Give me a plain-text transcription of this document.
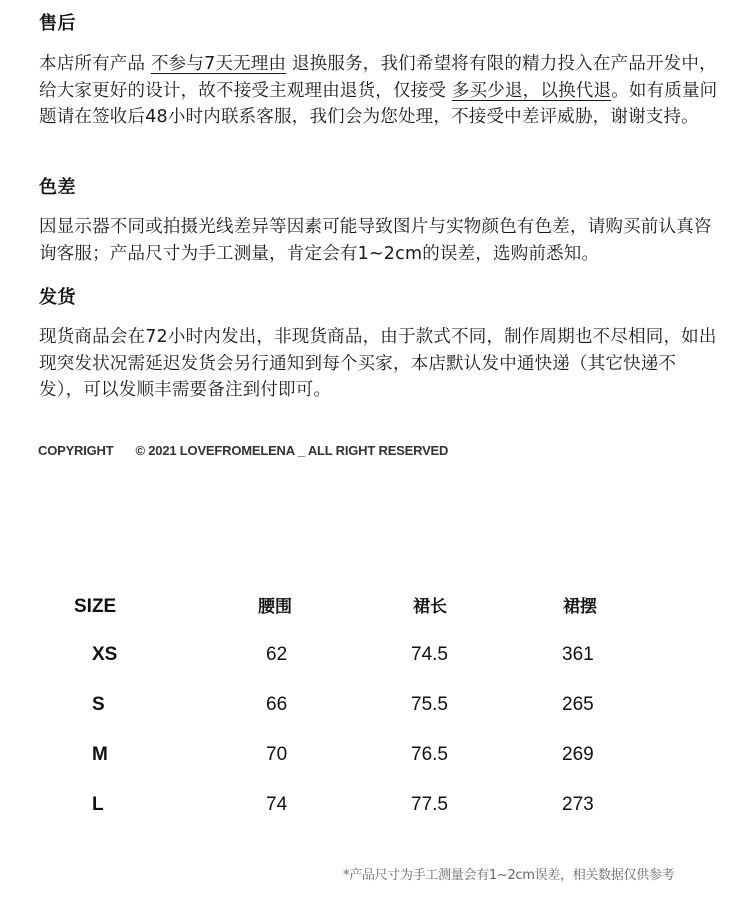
售后

本店所有产品 不参与7天无理由 退换服务，我们希望将有限的精力投入在产品开发中，给大家更好的设计，故不接受主观理由退货，仅接受 多买少退，以换代退。如有质量问题请在签收后48小时内联系客服，我们会为您处理，不接受中差评威胁，谢谢支持。

色差

因显示器不同或拍摄光线差异等因素可能导致图片与实物颜色有色差，请购买前认真咨询客服；产品尺寸为手工测量，肯定会有1~2cm的误差，选购前悉知。

发货

现货商品会在72小时内发出，非现货商品，由于款式不同，制作周期也不尽相同，如出现突发状况需延迟发货会另行通知到每个买家，本店默认发中通快递（其它快递不发），可以发顺丰需要备注到付即可。

COPYRIGHT © 2021 LOVEFROMELENA _ ALL RIGHT RESERVED
SIZE	腰围	裙长	裙摆
XS	62	74.5	361
S	66	75.5	265
M	70	76.5	269
L	74	77.5	273
*产品尺寸为手工测量会有1~2cm误差，相关数据仅供参考
